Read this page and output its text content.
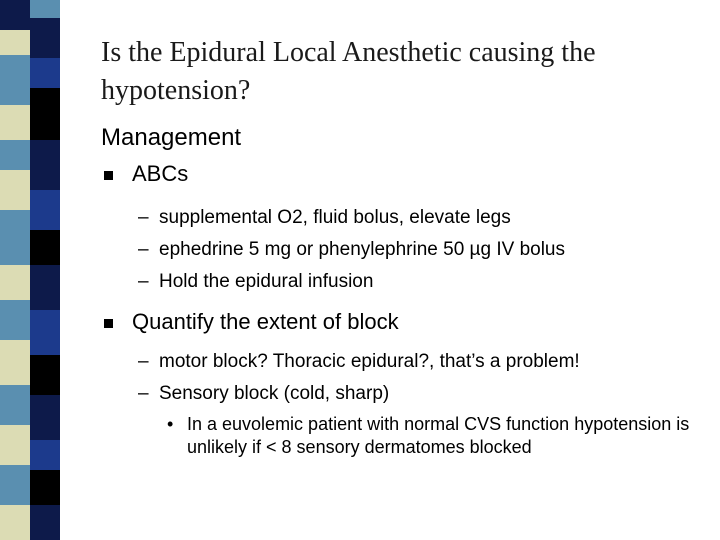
Is the Epidural Local Anesthetic causing the hypotension?
Management
ABCs
– supplemental O2, fluid bolus, elevate legs
– ephedrine 5 mg or phenylephrine 50 µg IV bolus
– Hold the epidural infusion
Quantify the extent of block
– motor block? Thoracic epidural?, that’s a problem!
– Sensory block (cold, sharp)
• In a euvolemic patient with normal CVS function hypotension is unlikely if < 8 sensory dermatomes blocked
